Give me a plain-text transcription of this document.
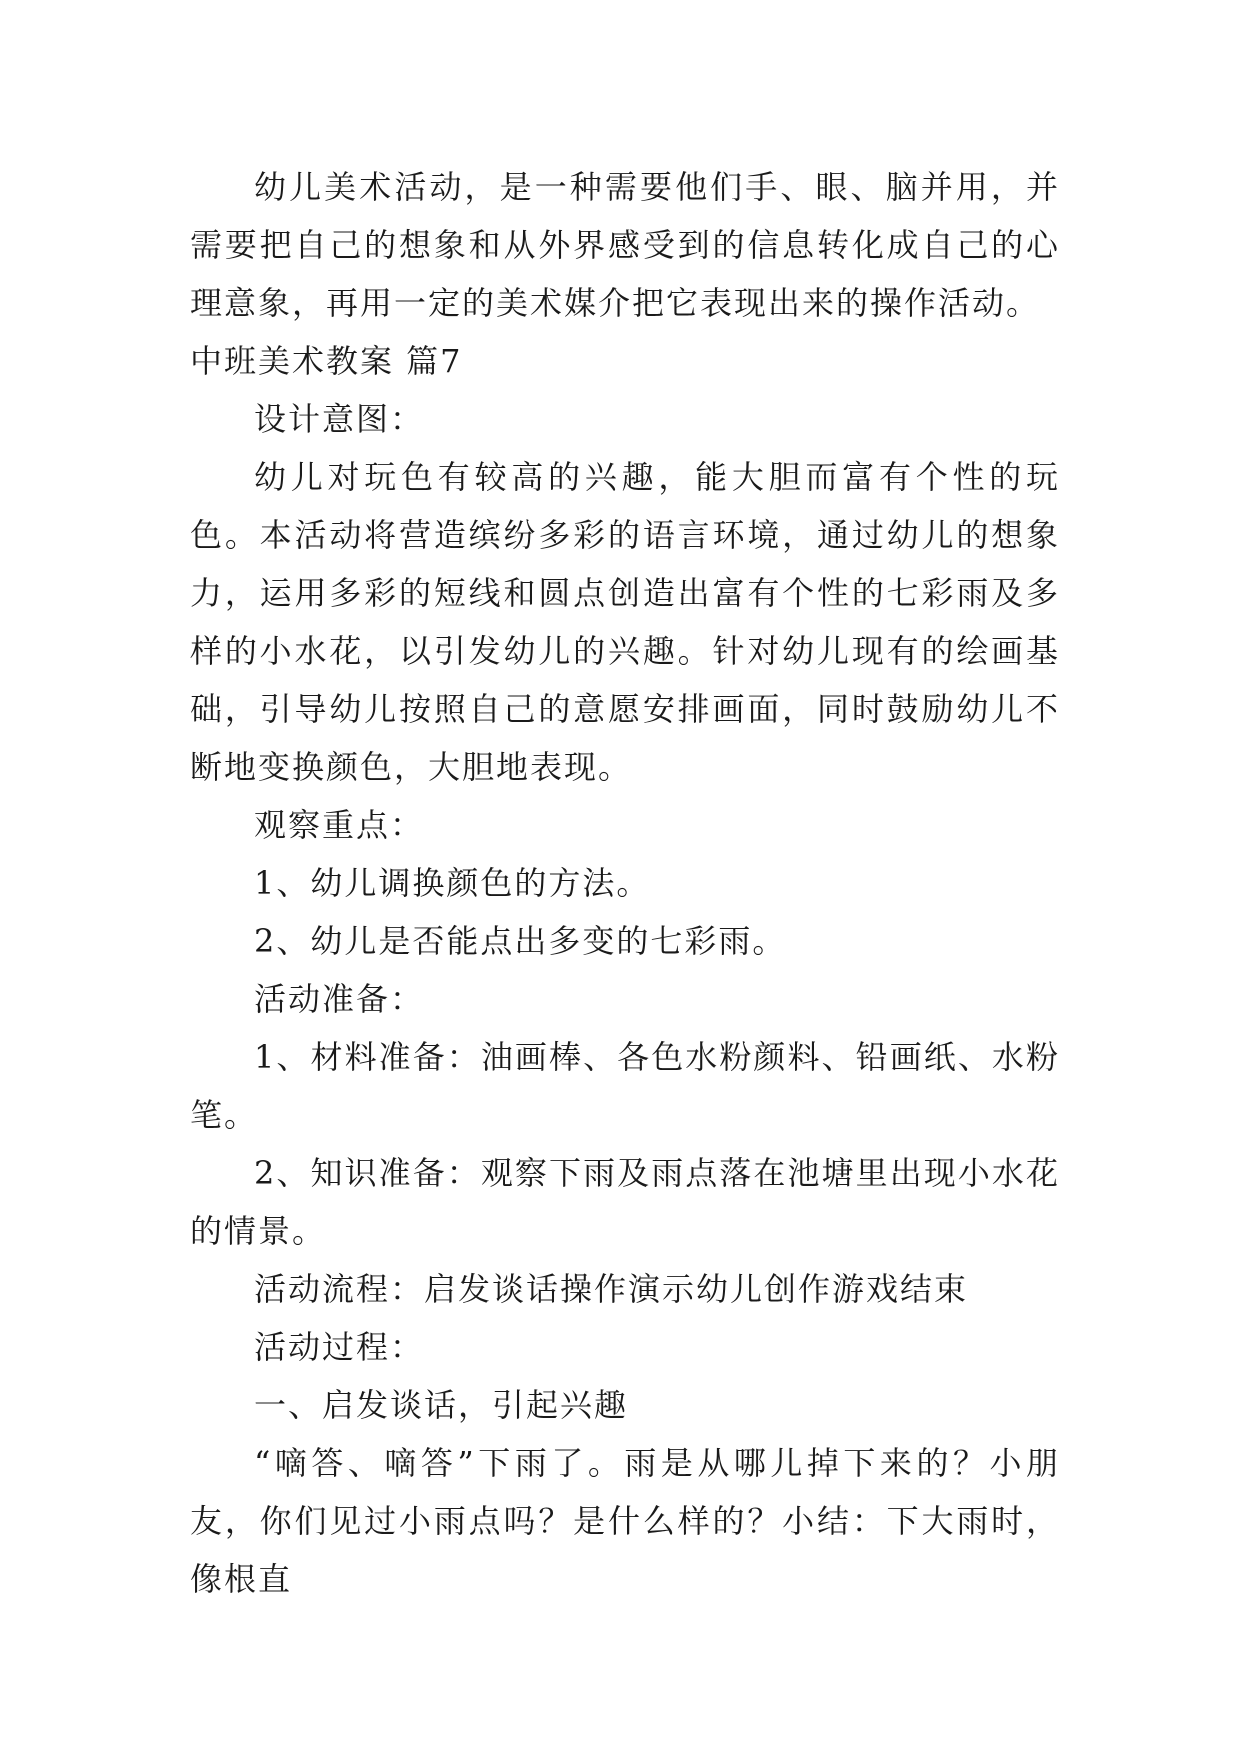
幼儿美术活动，是一种需要他们手、眼、脑并用，并需要把自己的想象和从外界感受到的信息转化成自己的心理意象，再用一定的美术媒介把它表现出来的操作活动。

中班美术教案 篇7

设计意图：

幼儿对玩色有较高的兴趣，能大胆而富有个性的玩色。本活动将营造缤纷多彩的语言环境，通过幼儿的想象力，运用多彩的短线和圆点创造出富有个性的七彩雨及多样的小水花，以引发幼儿的兴趣。针对幼儿现有的绘画基础，引导幼儿按照自己的意愿安排画面，同时鼓励幼儿不断地变换颜色，大胆地表现。

观察重点：

1、幼儿调换颜色的方法。

2、幼儿是否能点出多变的七彩雨。

活动准备：

1、材料准备：油画棒、各色水粉颜料、铅画纸、水粉笔。

2、知识准备：观察下雨及雨点落在池塘里出现小水花的情景。

活动流程：启发谈话操作演示幼儿创作游戏结束

活动过程：

一、启发谈话，引起兴趣

“嘀答、嘀答”下雨了。雨是从哪儿掉下来的？小朋友，你们见过小雨点吗？是什么样的？小结：下大雨时，像根直
